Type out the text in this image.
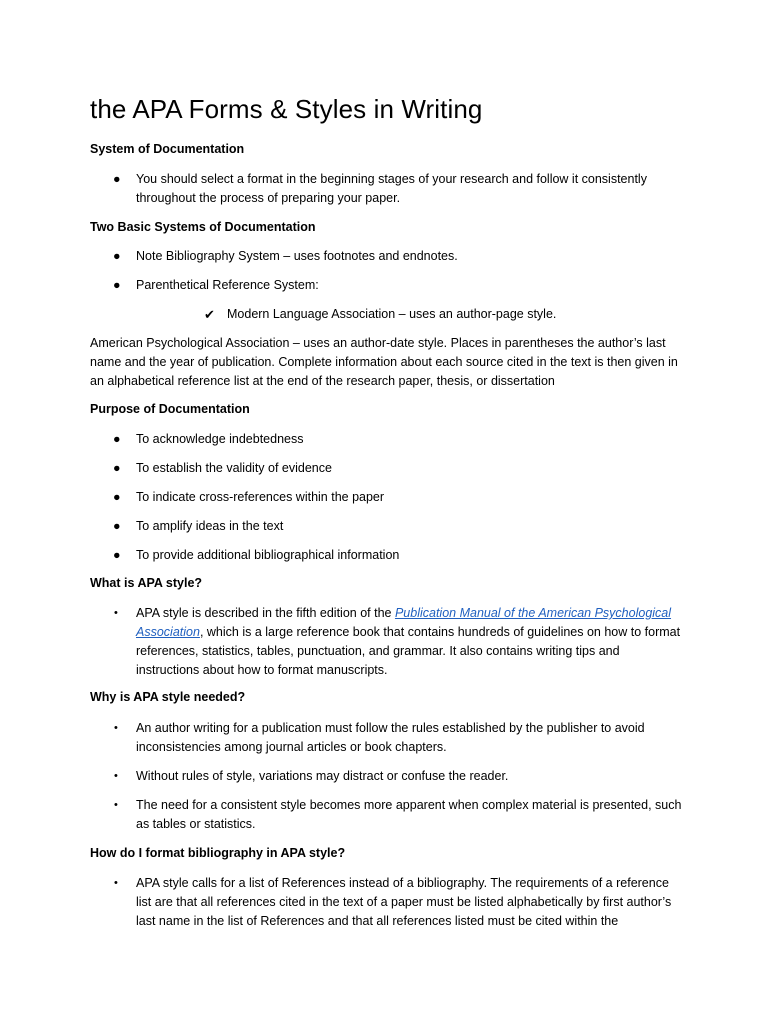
the APA Forms & Styles in Writing
System of Documentation
●	You should select a format in the beginning stages of your research and follow it consistently throughout the process of preparing your paper.
Two Basic Systems of Documentation
●	Note Bibliography System – uses footnotes and endnotes.
●	Parenthetical Reference System:
✔ Modern Language Association – uses an author-page style.

American Psychological Association – uses an author-date style. Places in parentheses the author’s last name and the year of publication. Complete information about each source cited in the text is then given in an alphabetical reference list at the end of the research paper, thesis, or dissertation

Purpose of Documentation
●	To acknowledge indebtedness
●	To establish the validity of evidence
●	To indicate cross-references within the paper
●	To amplify ideas in the text
●	To provide additional bibliographical information
What is APA style?
•	APA style is described in the fifth edition of the Publication Manual of the American Psychological Association, which is a large reference book that contains hundreds of guidelines on how to format references, statistics, tables, punctuation, and grammar. It also contains writing tips and instructions about how to format manuscripts.
Why is APA style needed?
•	An author writing for a publication must follow the rules established by the publisher to avoid inconsistencies among journal articles or book chapters.
•	Without rules of style, variations may distract or confuse the reader.
•	The need for a consistent style becomes more apparent when complex material is presented, such as tables or statistics.
How do I format bibliography in APA style?
•	APA style calls for a list of References instead of a bibliography. The requirements of a reference list are that all references cited in the text of a paper must be listed alphabetically by first author’s last name in the list of References and that all references listed must be cited within the
